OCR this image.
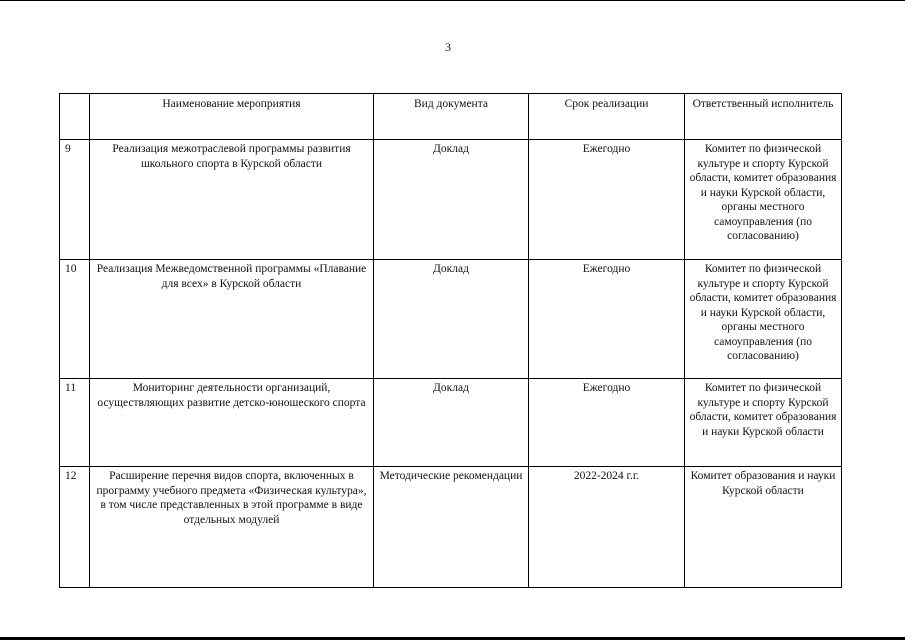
3
	Наименование мероприятия	Вид документа	Срок реализации	Ответственный исполнитель
9	Реализация межотраслевой программы развития школьного спорта в Курской области	Доклад	Ежегодно	Комитет по физической культуре и спорту Курской области, комитет образования и науки Курской области, органы местного самоуправления (по согласованию)
10	Реализация Межведомственной программы «Плавание для всех» в Курской области	Доклад	Ежегодно	Комитет по физической культуре и спорту Курской области, комитет образования и науки Курской области, органы местного самоуправления (по согласованию)
11	Мониторинг деятельности организаций, осуществляющих развитие детско-юношеского спорта	Доклад	Ежегодно	Комитет по физической культуре и спорту Курской области, комитет образования и науки Курской области
12	Расширение перечня видов спорта, включенных в программу учебного предмета «Физическая культура», в том числе представленных в этой программе в виде отдельных модулей	Методические рекомендации	2022-2024 г.г.	Комитет образования и науки Курской области
